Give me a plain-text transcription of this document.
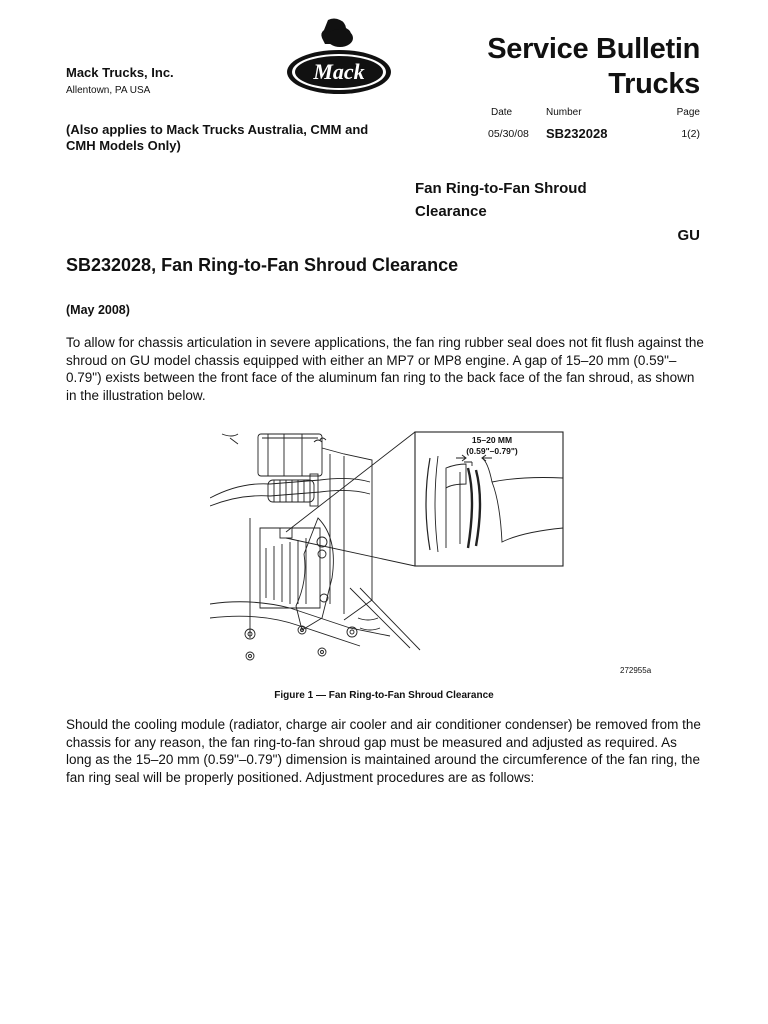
Mack Trucks, Inc.
Allentown, PA USA
Mack
Service Bulletin
Trucks
Date	Number	Page
05/30/08 SB232028	1(2)
(Also applies to Mack Trucks Australia, CMM and CMH Models Only)
Fan Ring-to-Fan Shroud Clearance
GU
SB232028, Fan Ring-to-Fan Shroud Clearance
(May 2008)
To allow for chassis articulation in severe applications, the fan ring rubber seal does not fit flush against the shroud on GU model chassis equipped with either an MP7 or MP8 engine. A gap of 15–20 mm (0.59"–0.79") exists between the front face of the aluminum fan ring to the back face of the fan shroud, as shown in the illustration below.
15–20 MM
(0.59"–0.79")
272955a
Figure 1 — Fan Ring-to-Fan Shroud Clearance
Should the cooling module (radiator, charge air cooler and air conditioner condenser) be removed from the chassis for any reason, the fan ring-to-fan shroud gap must be measured and adjusted as required. As long as the 15–20 mm (0.59"–0.79") dimension is maintained around the circumference of the fan ring, the fan ring seal will be properly positioned. Adjustment procedures are as follows:
